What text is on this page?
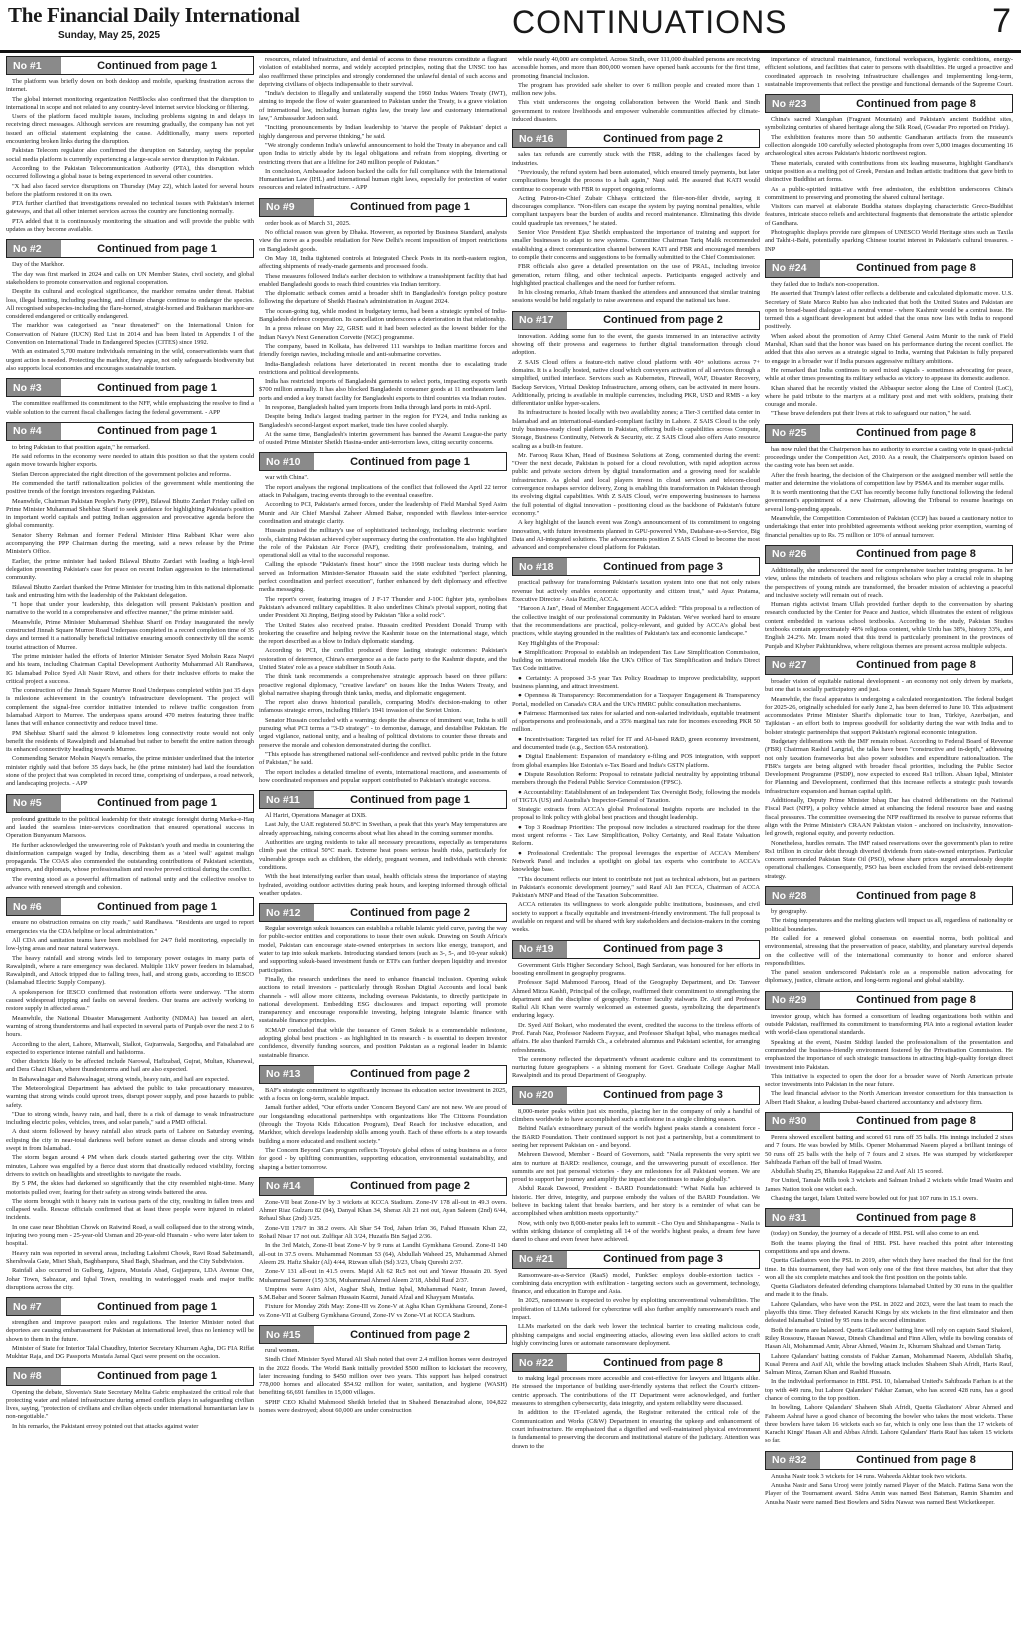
The Financial Daily International
Sunday, May 25, 2025	CONTINUATIONS	7
No #1	Continued from page 1

The platform was briefly down on both desktop and mobile, sparking frustration across the internet.

The global internet monitoring organization NetBlocks also confirmed that the disruption to international in scope and not related to any country-level internet service blocking or filtering.

Users of the platform faced multiple issues, including problems signing in and delays in receiving direct messages. Although services are resuming gradually, the company has not yet issued an official statement explaining the cause. Additionally, many users reported encountering broken links during the disruption.

Pakistan Telecom regulator also confirmed the disruption on Saturday, saying the popular social media platform is currently experiencing a large-scale service disruption in Pakistan.

According to the Pakistan Telecommunication Authority (PTA), this disruption which occurred following a global issue is being experienced in several other countries.

"X had also faced service disruptions on Thursday (May 22), which lasted for several hours before the platform restored it on its own.

PTA further clarified that investigations revealed no technical issues with Pakistan's internet gateways, and that all other internet services across the country are functioning normally.

PTA added that it is continuously monitoring the situation and will provide the public with updates as they become available.

No #2	Continued from page 1

Day of the Markhor.

The day was first marked in 2024 and calls on UN Member States, civil society, and global stakeholders to promote conservation and regional cooperation.

Despite its cultural and ecological significance, the markhor remains under threat. Habitat loss, illegal hunting, including poaching, and climate change continue to endanger the species. All recognised subspecies-including the flare-horned, straight-horned and Bukharan markhor-are considered endangered or critically endangered.

The markhor was categorised as "near threatened" on the International Union for Conservation of Nature (IUCN) Red List in 2014 and has been listed in Appendix I of the Convention on International Trade in Endangered Species (CITES) since 1992.

With an estimated 5,700 mature individuals remaining in the wild, conservationists warn that urgent action is needed. Protecting the markhor, they argue, not only safeguards biodiversity but also supports local economies and encourages sustainable tourism.

No #3	Continued from page 1

The committee reaffirmed its commitment to the NFF, while emphasizing the resolve to find a viable solution to the current fiscal challenges facing the federal government. - APP

No #4	Continued from page 1

to bring Pakistan to that position again," he remarked.

He said reforms in the economy were needed to attain this position so that the system could again move towards higher exports.

Stefan Dercon appreciated the right direction of the government policies and reforms.

He commended the tariff rationalization policies of the government while mentioning the positive trends of the foreign investors regarding Pakistan.

Meanwhile, Chairman Pakistan People's Party (PPP), Bilawal Bhutto Zardari Friday called on Prime Minister Muhammad Shehbaz Sharif to seek guidance for highlighting Pakistan's position in important world capitals and putting Indian aggression and provocative agenda before the global community.

Senator Sherry Rehman and former Federal Minister Hina Rabbani Khar were also accompanying the PPP Chairman during the meeting, said a news release by the Prime Minister's Office.

Earlier, the prime minister had tasked Bilawal Bhutto Zardari with leading a high-level delegation presenting Pakistan's case for peace on recent Indian aggression to the international community.

Bilawal Bhutto Zardari thanked the Prime Minister for trusting him in this national diplomatic task and entrusting him with the leadership of the Pakistani delegation.

"I hope that under your leadership, this delegation will present Pakistan's position and narrative to the world in a comprehensive and effective manner," the prime minister said.

Meanwhile, Prime Minister Muhammad Shehbaz Sharif on Friday inaugurated the newly constructed Jinnah Square Murree Road Underpass completed in a record completion time of 35 days and termed it a nationally beneficial initiative ensuring smooth connectivity till the scenic tourist attraction of Murree.

The prime minister hailed the efforts of Interior Minister Senator Syed Mohsin Raza Naqvi and his team, including Chairman Capital Development Authority Muhammad Ali Randhawa, IG Islamabad Police Syed Ali Nasir Rizvi, and others for their inclusive efforts to make the critical project a success.

The construction of the Jinnah Square Murree Road Underpass completed within just 35 days is milestone achievement in the country's infrastructure development. The project will complement the signal-free corridor initiative intended to relieve traffic congestion from Islamabad Airport to Murree. The underpass spans around 470 metres featuring three traffic lanes that will enhance connectivity and reduce travel time.

PM Shehbaz Sharif said the almost 9 kilometres long connectivity route would not only benefit the residents of Rawalpindi and Islamabad but rather to benefit the entire nation through its enhanced connectivity heading towards Murree.

Commending Senator Mohsin Naqvi's remarks, the prime minister underlined that the interior minister rightly said that before 35 days back, he (the prime minister) had laid the foundation stone of the project that was completed in record time, comprising of underpass, a road network, and landscaping projects. - APP

No #5	Continued from page 1

profound gratitude to the political leadership for their strategic foresight during Marka-e-Haq and lauded the seamless inter-services coordination that ensured operational success in Operation Bunyanum Marsoos.

He further acknowledged the unwavering role of Pakistan's youth and media in countering the disinformation campaign waged by India, describing them as a 'steel wall' against malign propaganda. The COAS also commended the outstanding contributions of Pakistani scientists, engineers, and diplomats, whose professionalism and resolve proved critical during the conflict.

The evening stood as a powerful affirmation of national unity and the collective resolve to advance with renewed strength and cohesion.

No #6	Continued from page 1

ensure no obstruction remains on city roads," said Randhawa. "Residents are urged to report emergencies via the CDA helpline or local administration."

All CDA and sanitation teams have been mobilised for 24/7 field monitoring, especially in low-lying areas and near natural waterways.

The heavy rainfall and strong winds led to temporary power outages in many parts of Rawalpindi, where a rare emergency was declared. Multiple 11kV power feeders in Islamabad, Rawalpindi, and Attock tripped due to falling trees, hail, and strong gusts, according to IESCO (Islamabad Electric Supply Company).

A spokesperson for IESCO confirmed that restoration efforts were underway. "The storm caused widespread tripping and faults on several feeders. Our teams are actively working to restore supply in affected areas."

Meanwhile, the National Disaster Management Authority (NDMA) has issued an alert, warning of strong thunderstorms and hail expected in several parts of Punjab over the next 2 to 6 hours.

According to the alert, Lahore, Mianwali, Sialkot, Gujranwala, Sargodha, and Faisalabad are expected to experience intense rainfall and hailstorms.

Other districts likely to be affected include Narowal, Hafizabad, Gujrat, Multan, Khanewal, and Dera Ghazi Khan, where thunderstorms and hail are also expected.

In Bahawalnagar and Bahawalnagar, strong winds, heavy rain, and hail are expected.

The Meteorological Department has advised the public to take precautionary measures, warning that strong winds could uproot trees, disrupt power supply, and pose hazards to public safety.

"Due to strong winds, heavy rain, and hail, there is a risk of damage to weak infrastructure including electric poles, vehicles, trees, and solar panels," said a PMD official.

A dust storm followed by heavy rainfall also struck parts of Lahore on Saturday evening, eclipsing the city in near-total darkness well before sunset as dense clouds and strong winds swept in from Islamabad.

The storm began around 4 PM when dark clouds started gathering over the city. Within minutes, Lahore was engulfed by a fierce dust storm that drastically reduced visibility, forcing drivers to switch on headlights and streetlights to navigate the roads.

By 5 PM, the skies had darkened so significantly that the city resembled night-time. Many motorists pulled over, fearing for their safety as strong winds battered the area.

The storm brought with it heavy rain in various parts of the city, resulting in fallen trees and collapsed walls. Rescue officials confirmed that at least three people were injured in related incidents.

In one case near Bhobtian Chowk on Raiwind Road, a wall collapsed due to the strong winds, injuring two young men - 25-year-old Usman and 20-year-old Husnain - who were later taken to hospital.

Heavy rain was reported in several areas, including Lakshmi Chowk, Ravi Road Sabzimandi, Shershwala Gate, Misri Shah, Baghbanpura, Shad Bagh, Shadman, and the City Subdivision.

Rainfall also occurred in Gulberg, Jajpura, Mustafa Abad, Gujjarpura, LDA Avenue One, Johar Town, Sabzazar, and Iqbal Town, resulting in waterlogged roads and major traffic disruptions across the city.

No #7	Continued from page 1

strengthen and improve passport rules and regulations. The Interior Minister noted that deportees are causing embarrassment for Pakistan at international level, thus no leniency will be shown to them in the future.

Minister of State for Interior Talal Chaudhry, Interior Secretary Khurram Agha, DG FIA Riffat Mukhtar Raja, and DG Passports Mustafa Jamal Qazi were present on the occasion.

No #8	Continued from page 1

Opening the debate, Slovenia's State Secretary Melita Gabric emphasized the critical role that protecting water and related infrastructure during armed conflicts plays in safeguarding civilian lives, saying, "protection of civilians and civilian objects under international humanitarian law is non-negotiable."

In his remarks, the Pakistani envoy pointed out that attacks against water

resources, related infrastructure, and denial of access to these resources constitute a flagrant violation of established norms, and widely accepted principles, noting that the UNSC too has also reaffirmed these principles and strongly condemned the unlawful denial of such access and depriving civilians of objects indispensable to their survival.

"India's decision to illegally and unilaterally suspend the 1960 Indus Waters Treaty (IWT), aiming to impede the flow of water guaranteed to Pakistan under the Treaty, is a grave violation of international law, including human rights law, the treaty law and customary international law," Ambassador Jadoon said.

"Inciting pronouncements by Indian leadership to 'starve the people of Pakistan' depict a highly dangerous and perverse thinking," he said.

"We strongly condemn India's unlawful announcement to hold the Treaty in abeyance and call upon India to strictly abide by its legal obligations and refrain from stopping, diverting or restricting rivers that are a lifeline for 240 million people of Pakistan."

In conclusion, Ambassador Jadoon backed the calls for full compliance with the International Humanitarian Law (IHL) and international human right laws, especially for protection of water resources and related infrastructure. - APP

No #9	Continued from page 1

order book as of March 31, 2025.

No official reason was given by Dhaka. However, as reported by Business Standard, analysts view the move as a possible retaliation for New Delhi's recent imposition of import restrictions on Bangladeshi goods.

On May 18, India tightened controls at Integrated Check Posts in its north-eastern region, affecting shipments of ready-made garments and processed foods.

These measures followed India's earlier decision to withdraw a transshipment facility that had enabled Bangladeshi goods to reach third countries via Indian territory.

The diplomatic setback comes amid a broader shift in Bangladesh's foreign policy posture following the departure of Sheikh Hasina's administration in August 2024.

The ocean-going tug, while modest in budgetary terms, had been a strategic symbol of India-Bangladesh defence cooperation. Its cancellation underscores a deterioration in that relationship.

In a press release on May 22, GRSE said it had been selected as the lowest bidder for the Indian Navy's Next Generation Corvette (NGC) programme.

The company, based in Kolkata, has delivered 111 warships to Indian maritime forces and friendly foreign navies, including missile and anti-submarine corvettes.

India-Bangladesh relations have deteriorated in recent months due to escalating trade restrictions and political developments.

India has restricted imports of Bangladeshi garments to select ports, impacting exports worth $700 million annually. It has also blocked Bangladeshi consumer goods at 11 northeastern land ports and ended a key transit facility for Bangladeshi exports to third countries via Indian routes.

In response, Bangladesh halted yarn imports from India through land ports in mid-April.

Despite being India's largest trading partner in the region for FY24, and India ranking as Bangladesh's second-largest export market, trade ties have cooled sharply.

At the same time, Bangladesh's interim government has banned the Awami League-the party of ousted Prime Minister Sheikh Hasina-under anti-terrorism laws, citing security concerns.

No #10	Continued from page 1

war with China".

The report analyses the regional implications of the conflict that followed the April 22 terror attack in Pahalgam, tracing events through to the eventual ceasefire.

According to PCI, Pakistan's armed forces, under the leadership of Field Marshal Syed Asim Munir and Air Chief Marshal Zaheer Ahmed Babar, responded with flawless inter-service coordination and strategic clarity.

Hussain praised the military's use of sophisticated technology, including electronic warfare tools, claiming Pakistan achieved cyber supremacy during the confrontation. He also highlighted the role of the Pakistan Air Force (PAF), crediting their professionalism, training, and operational skill as vital to the successful response.

Calling the episode "Pakistan's finest hour" since the 1998 nuclear tests during which he served as Information Minister-Senator Hussain said the state exhibited "perfect planning, perfect coordination and perfect execution", further enhanced by deft diplomacy and effective media messaging.

The report's cover, featuring images of J F-17 Thunder and J-10C fighter jets, symbolises Pakistan's advanced military capabilities. It also underlines China's pivotal support, noting that under President Xi Jinping, Beijing stood by Pakistan "like a solid rock".

The United States also received praise. Hussain credited President Donald Trump with brokering the ceasefire and helping revive the Kashmir issue on the international stage, which the report described as a blow to India's diplomatic standing.

According to PCI, the conflict produced three lasting strategic outcomes: Pakistan's restoration of deterrence, China's emergence as a de facto party to the Kashmir dispute, and the United States' role as a peace stabiliser in South Asia.

The think tank recommends a comprehensive strategic approach based on three pillars: proactive regional diplomacy, "creative lawfare" on issues like the Indus Waters Treaty, and global narrative shaping through think tanks, media, and diplomatic engagement.

The report also draws historical parallels, comparing Modi's decision-making to other infamous strategic errors, including Hitler's 1941 invasion of the Soviet Union.

Senator Hussain concluded with a warning: despite the absence of imminent war, India is still pursuing what PCI terms a "3-D strategy" - to demonise, damage, and destabilise Pakistan. He urged vigilance, national unity, and a healing of political divisions to counter these threats and preserve the morale and cohesion demonstrated during the conflict.

"This episode has strengthened national self-confidence and revived public pride in the future of Pakistan," he said.

The report includes a detailed timeline of events, international reactions, and assessments of how coordinated responses and popular support contributed to Pakistan's strategic success.

No #11	Continued from page 1

Al Hariri, Operations Manager at DXB.

Last July, the UAE registered 50.8°C in Sweihan, a peak that this year's May temperatures are already approaching, raising concerns about what lies ahead in the coming summer months.

Authorities are urging residents to take all necessary precautions, especially as temperatures climb past the critical 50°C mark. Extreme heat poses serious health risks, particularly for vulnerable groups such as children, the elderly, pregnant women, and individuals with chronic conditions.

With the heat intensifying earlier than usual, health officials stress the importance of staying hydrated, avoiding outdoor activities during peak hours, and keeping informed through official weather updates.

No #12	Continued from page 2

Regular sovereign sukuk issuances can establish a reliable Islamic yield curve, paving the way for public-sector entities and corporations to issue their own sukuk. Drawing on South Africa's model, Pakistan can encourage state-owned enterprises in sectors like energy, transport, and water to tap into sukuk markets. Introducing standard tenors (such as 3-, 5-, and 10-year sukuk) and supporting sukuk-based investment funds or ETFs can further deepen liquidity and investor participation.

Finally, the research underlines the need to enhance financial inclusion. Opening sukuk auctions to retail investors - particularly through Roshan Digital Accounts and local bank channels - will allow more citizens, including overseas Pakistanis, to directly participate in national development. Embedding ESG disclosures and impact reporting will promote transparency and encourage responsible investing, helping integrate Islamic finance with sustainable finance principles.

ICMAP concluded that while the issuance of Green Sukuk is a commendable milestone, adopting global best practices - as highlighted in its research - is essential to deepen investor confidence, diversify funding sources, and position Pakistan as a regional leader in Islamic sustainable finance.

No #13	Continued from page 2

BAF's strategic commitment to significantly increase its education sector investment in 2025, with a focus on long-term, scalable impact.

Jamali further added, "Our efforts under 'Concern Beyond Cars' are not new. We are proud of our longstanding educational partnerships with organizations like The Citizens Foundation (through the Toyota Kids Education Program), Deaf Reach for inclusive education, and Markhor, which develops leadership skills among youth. Each of these efforts is a step towards building a more educated and resilient society."

The Concern Beyond Cars program reflects Toyota's global ethos of using business as a force for good - by uplifting communities, supporting education, environmental sustainability, and shaping a better tomorrow.

No #14	Continued from page 2

Zone-VII beat Zone-IV by 3 wickets at KCCA Stadium. Zone-IV 178 all-out in 49.3 overs. Ahmer Riaz Gulzaru 82 (84), Danyal Khan 34, Sheraz Ali 21 not out, Ayan Saleem (2nd) 6/44, Rehaul Shaz (2nd) 3/25.

Zone-VII 179/7 in 38.2 overs. Ali Shar 54 Tod, Jahan Irfan 36, Fahad Hussain Khan 22, Rohail Nisar 17 not out. Zulfiqar Ali 3/24, Huzaifa Bin Sajjad 2/36.

In the 3rd Match, Zone-II beat Zone-V by 9 runs at Landhi Gymkhana Ground. Zone-II 140 all-out in 37.5 overs. Muhammad Nomman 53 (64), Abdullah Waheed 25, Muhammad Ahmed Aleem 29. Hafiz Shakir (Al) 4/44, Rizwan ullah (Sd) 3/23, Ubaiq Qureshi 2/37.

Zone-V 131 all-out in 41.5 overs. Majid Ali 62 Rc5 not out and Yawar Hussain 20. Syed Muhammad Sameer (15) 3/36, Muhammad Ahmed Aleem 2/18, Abdul Rauf 2/37.

Umpires were Asim Alvi, Asghar Shah, Imtiaz Iqbal, Muhammad Nasir, Imran Jawed, S.M.Babar and Soorer Salman Hussain Kazmi, Junaid Afzal and Khayyam Mustafa.

Fixture for Monday 26th May: Zone-III vs Zone-V at Agha Khan Gymkhana Ground, Zone-I vs Zone-VII at Gulberg Gymkhana Ground, Zone-IV vs Zone-VI at KCCA Stadium.

No #15	Continued from page 2

rural women.

Sindh Chief Minister Syed Murad Ali Shah noted that over 2.4 million homes were destroyed in the 2022 floods. The World Bank initially provided $500 million to kickstart the recovery, later increasing funding to $450 million over two years. This support has helped construct 778,000 homes and allocated $54.92 million for water, sanitation, and hygiene (WASH) benefiting 66,691 families in 15,000 villages.

SPHF CEO Khalid Mahmood Sheikh briefed that in Shaheed Benazirabad alone, 104,822 homes were destroyed; about 60,000 are under construction

while nearly 40,000 are completed. Across Sindh, over 111,000 disabled persons are receiving accessible homes, and more than 800,000 women have opened bank accounts for the first time, promoting financial inclusion.

The program has provided safe shelter to over 6 million people and created more than 1 million new jobs.

This visit underscores the ongoing collaboration between the World Bank and Sindh government to restore livelihoods and empower vulnerable communities affected by climate-induced disasters.

No #16	Continued from page 2

sales tax refunds are currently stuck with the FBR, adding to the challenges faced by industries.

"Previously, the refund system had been automated, which ensured timely payments, but later complications brought the process to a halt again," Naqi said. He assured that KATI would continue to cooperate with FBR to support ongoing reforms.

Acting Patron-in-Chief Zubair Chhaya criticized the filer-non-filer divide, saying it discourages compliance. "Non-filers can escape the system by paying nominal penalties, while compliant taxpayers bear the burden of audits and record maintenance. Eliminating this divide could quadruple tax revenues," he stated.

Senior Vice President Ejaz Sheikh emphasized the importance of training and support for smaller businesses to adapt to new systems. Committee Chairman Tariq Malik recommended establishing a direct communication channel between KATI and FBR and encouraged members to compile their concerns and suggestions to be formally submitted to the Chief Commissioner.

FBR officials also gave a detailed presentation on the use of PRAL, including invoice generation, return filing, and other technical aspects. Participants engaged actively and highlighted practical challenges and the need for further reform.

In his closing remarks, Aftab Imam thanked the attendees and announced that similar training sessions would be held regularly to raise awareness and expand the national tax base.

No #17	Continued from page 2

innovation. Adding some fun to the event, the guests immersed in an interactive activity showing off their prowess and eagerness to further digital transformation through cloud adoption.

Z SAIS Cloud offers a feature-rich native cloud platform with 40+ solutions across 7+ domains. It is a locally hosted, native cloud which conveyers activation of all services through a simplified, unified interface. Services such as Kubernetes, Firewall, WAF, Disaster Recovery, Backup Services, Virtual Desktop Infrastructure, among others, can be activated in mere hours. Additionally, pricing is available in multiple currencies, including PKR, USD and RMB - a key differentiator unlike hyper-scalers.

Its infrastructure is hosted locally with two availability zones; a Tier-3 certified data center in Islamabad and an international-standard-compliant facility in Lahore. Z SAIS Cloud is the only truly business-ready cloud platform in Pakistan, offering built-in capabilities across Compute, Storage, Business Continuity, Network & Security, etc. Z SAIS Cloud also offers Auto resource scaling as a built-in feature.

Mr. Farooq Raza Khan, Head of Business Solutions at Zong, commented during the event: "Over the next decade, Pakistan is poised for a cloud revolution, with rapid adoption across public and private sectors driven by digital transformation and a growing need for scalable infrastructure. As global and local players invest in cloud services and telecom-cloud convergence reshapes service delivery, Zong is enabling this transformation in Pakistan through its evolving digital capabilities. With Z SAIS Cloud, we're empowering businesses to harness the full potential of digital innovation - positioning cloud as the backbone of Pakistan's future economy."

A key highlight of the launch event was Zong's announcement of its commitment to ongoing innovation, with future investments planned in GPU-powered VMs, Database-as-a-Service, Big Data and AI-integrated solutions. The advancements position Z SAIS Cloud to become the most advanced and comprehensive cloud platform for Pakistan.

No #18	Continued from page 3

practical pathway for transforming Pakistan's taxation system into one that not only raises revenue but actively enables economic opportunity and citizen trust," said Ayaz Pratama, Executive Director - Asia Pacific, ACCA.

"Haroon A Jan", Head of Member Engagement ACCA added: "This proposal is a reflection of the collective insight of our professional community in Pakistan. We've worked hard to ensure that the recommendations are practical, policy-relevant, and guided by ACCA's global best practices, while staying grounded in the realities of Pakistan's tax and economic landscape."

Key Highlights of the Proposal:

● Simplification: Proposal to establish an independent Tax Law Simplification Commission, building on international models like the UK's Office of Tax Simplification and India's Direct Tax Code initiative.

● Certainty: A proposed 3-5 year Tax Policy Roadmap to improve predictability, support business planning, and attract investment.

● Openness & Transparency: Recommendation for a Taxpayer Engagement & Transparency Portal, modelled on Canada's CRA and the UK's HMRC public consultation mechanisms.

● Fairness: Harmonised tax rates for salaried and non-salaried individuals, equitable treatment of sportspersons and professionals, and a 35% marginal tax rate for incomes exceeding PKR 50 million.

● Incentivisation: Targeted tax relief for IT and AI-based R&D, green economy investment, and documented trade (e.g., Section 65A restoration).

● Digital Enablement: Expansion of mandatory e-filing and POS integration, with support from global examples like Estonia's e-Tax Board and India's GSTN platform.

● Dispute Resolution Reform: Proposal to reinstate judicial neutrality by appointing tribunal members through the Federal Public Service Commission (FPSC).

● Accountability: Establishment of an Independent Tax Oversight Body, following the models of TIGTA (US) and Australia's Inspector-General of Taxation.

Strategic extracts from ACCA's global Professional Insights reports are included in the proposal to link policy with global best practices and thought leadership.

● Top 3 Roadmap Priorities: The proposal now includes a structured roadmap for the three most urgent reforms - Tax Law Simplification, Policy Certainty, and Real Estate Valuation Reform.

● Professional Credentials: The proposal leverages the expertise of ACCA's Members' Network Panel and includes a spotlight on global tax experts who contribute to ACCA's knowledge base.

"This document reflects our intent to contribute not just as technical advisors, but as partners in Pakistan's economic development journey," said Rauf Ali Jan FCCA, Chairman of ACCA Pakistan's MNP and Head of the Taxation Subcommittee.

ACCA reiterates its willingness to work alongside public institutions, businesses, and civil society to support a fiscally equitable and investment-friendly environment. The full proposal is available on request and will be shared with key stakeholders and decision-makers in the coming weeks.

No #19	Continued from page 3

Government Girls Higher Secondary School, Bagh Sardaran, was honoured for her efforts in boosting enrollment in geography programs.

Professor Sajid Mahmood Farooq, Head of the Geography Department, and Dr. Tanveer Ahmed Mirza Kashfi, Principal of the college, reaffirmed their commitment to strengthening the department and the discipline of geography. Former faculty stalwarts Dr. Arif and Professor Rafiul Ali Khan were warmly welcomed as esteemed guests, symbolizing the department's enduring legacy.

Dr. Syed Atif Bokari, who moderated the event, credited the success to the tireless efforts of Prof. Farah Naz, Professor Nadeem Fayyaz, and Professor Shafqat Iqbal, who manages medical affairs. He also thanked Farrukh Ch., a celebrated alumnus and Pakistani scientist, for arranging refreshments.

The ceremony reflected the department's vibrant academic culture and its commitment to nurturing future geographers - a shining moment for Govt. Graduate College Asghar Mall Rawalpindi and its proud Department of Geography.

No #20	Continued from page 3

8,000-meter peaks within just six months, placing her in the company of only a handful of climbers worldwide to have accomplished such a milestone in a single climbing season.

Behind Naila's extraordinary pursuit of the world's highest peaks stands a consistent force - the BARD Foundation. Their continued support is not just a partnership, but a commitment to seeing her represent Pakistan on - and beyond.

Mehreen Dawood, Member - Board of Governors, said: "Naila represents the very spirit we aim to nurture at BARD: resilience, courage, and the unwavering pursuit of excellence. Her summits are not just personal victories - they are milestones for all Pakistani women. We are proud to support her journey and amplify the impact she continues to make globally."

Abdul Razak Dawood, President - BARD Foundationsaid: "What Naila has achieved is historic. Her drive, integrity, and purpose embody the values of the BARD Foundation. We believe in backing talent that breaks barriers, and her story is a reminder of what can be accomplished when ambition meets opportunity."

Now, with only two 8,000-meter peaks left to summit - Cho Oyu and Shishapangma - Naila is within striking distance of completing all 14 of the world's highest peaks, a dream few have dared to chase and even fewer have achieved.

No #21	Continued from page 3

Ransomware-as-a-Service (RaaS) model, FunkSec employs double-extortion tactics - combining data encryption with exfiltration - targeting sectors such as government, technology, finance, and education in Europe and Asia.

In 2025, ransomware is expected to evolve by exploiting unconventional vulnerabilities. The proliferation of LLMs tailored for cybercrime will also further amplify ransomware's reach and impact.

LLMs marketed on the dark web lower the technical barrier to creating malicious code, phishing campaigns and social engineering attacks, allowing even less skilled actors to craft highly convincing lures or automate ransomware deployment.

No #22	Continued from page 8

to making legal processes more accessible and cost-effective for lawyers and litigants alike. He stressed the importance of building user-friendly systems that reflect the Court's citizen-centric approach. The contributions of the IT Department were acknowledged, and further measures to strengthen cybersecurity, data integrity, and system reliability were discussed.

In addition to the IT-related agenda, the Registrar reiterated the critical role of the Communication and Works (C&W) Department in ensuring the upkeep and enhancement of court infrastructure. He emphasized that a dignified and well-maintained physical environment is fundamental to preserving the decorum and institutional stature of the judiciary. Attention was drawn to the

importance of structural maintenance, functional workspaces, hygienic conditions, energy-efficient solutions, and facilities that cater to persons with disabilities. He urged a proactive and coordinated approach in resolving infrastructure challenges and implementing long-term, sustainable improvements that reflect the prestige and functional demands of the Supreme Court.

No #23	Continued from page 8

China's sacred Xiangshan (Fragrant Mountain) and Pakistan's ancient Buddhist sites, symbolizing centuries of shared heritage along the Silk Road, (Gwadar Pro reported on Friday).

The exhibition features more than 50 authentic Gandharan artifacts from the museum's collection alongside 100 carefully selected photographs from over 5,000 images documenting 16 archaeological sites across Pakistan's historic northwest region.

These materials, curated with contributions from six leading museums, highlight Gandhara's unique position as a melting pot of Greek, Persian and Indian artistic traditions that gave birth to distinctive Buddhist art forms.

As a public-spirited initiative with free admission, the exhibition underscores China's commitment to preserving and promoting the shared cultural heritage.

Visitors can marvel at elaborate Buddha statues displaying characteristic Greco-Buddhist features, intricate stucco reliefs and architectural fragments that demonstrate the artistic splendor of Gandhara.

Photographic displays provide rare glimpses of UNESCO World Heritage sites such as Taxila and Takht-i-Bahi, potentially sparking Chinese tourist interest in Pakistan's cultural treasures. - INP

No #24	Continued from page 8

they failed due to India's non-cooperation.

He asserted that Trump's latest offer reflects a deliberate and calculated diplomatic move. U.S. Secretary of State Marco Rubio has also indicated that both the United States and Pakistan are open to broad-based dialogue - at a neutral venue - where Kashmir would be a central issue. He termed this a significant development but added that the onus now lies with India to respond positively.

When asked about the promotion of Army Chief General Asim Munir to the rank of Field Marshal, Khan said that the honor was based on his performance during the recent conflict. He added that this also serves as a strategic signal to India, warning that Pakistan is fully prepared to engage in a broader war if India pursues aggressive military ambitions.

He remarked that India continues to seed mixed signals - sometimes advocating for peace, while at other times presenting its military setbacks as victory to appease its domestic audience.

Khan shared that he recently visited the Abbaspur sector along the Line of Control (LoC), where he paid tribute to the martyrs at a military post and met with soldiers, praising their courage and morale.

"These brave defenders put their lives at risk to safeguard our nation," he said.

No #25	Continued from page 8

has now ruled that the Chairperson has no authority to exercise a casting vote in quasi-judicial proceedings under the Competition Act, 2010. As a result, the Chairperson's opinion based on the casting vote has been set aside.

After the fresh hearing, the decision of the Chairperson or the assigned member will settle the matter and determine the violations of competition law by PSMA and its member sugar mills.

It is worth mentioning that the CAT has recently become fully functional following the federal government's appointment of a new Chairman, allowing the Tribunal to resume hearings on several long-pending appeals.

Meanwhile, the Competition Commission of Pakistan (CCP) has issued a cautionary notice to undertakings that enter into prohibited agreements without seeking prior exemption, warning of financial penalties up to Rs. 75 million or 10% of annual turnover.

No #26	Continued from page 8

Additionally, she underscored the need for comprehensive teacher training programs. In her view, unless the mindsets of teachers and religious scholars who play a crucial role in shaping the perspectives of young minds are transformed, the broader mission of achieving a peaceful and inclusive society will remain out of reach.

Human rights activist Imam Ullah provided further depth to the conversation by sharing research conducted by the Center for Peace and Justice, which illustrates the extent of religious content embedded in various school textbooks. According to the study, Pakistan Studies textbooks contain approximately 48% religious content, while Urdu has 38%, history 33%, and English 24.2%. Mr. Imam noted that this trend is particularly prominent in the provinces of Punjab and Khyber Pakhtunkhwa, where religious themes are present across multiple subjects.

No #27	Continued from page 8

broader vision of equitable national development - an economy not only driven by markets, but one that is socially participatory and just.

Meanwhile, the fiscal apparatus is undergoing a calculated reorganization. The federal budget for 2025-26, originally scheduled for early June 2, has been deferred to June 10. This adjustment accommodates Prime Minister Sharif's diplomatic tour to Iran, Türkiye, Azerbaijan, and Tajikistan - an effort both to impress goodwill for solidarity during the war with India and to bolster strategic partnerships that support Pakistan's regional economic integration.

Budgetary deliberations with the IMF remain robust. According to Federal Board of Revenue (FBR) Chairman Rashid Langrial, the talks have been "constructive and in-depth," addressing not only taxation frameworks but also power subsidies and expenditure rationalization. The FBR's targets are being aligned with broader fiscal priorities, including the Public Sector Development Programme (PSDP), now expected to exceed Rs1 trillion. Ahsan Iqbal, Minister for Planning and Development, confirmed that this increase reflects a strategic push towards infrastructure expansion and human capital uplift.

Additionally, Deputy Prime Minister Ishaq Dar has chaired deliberations on the National Fiscal Pact (NFP), a policy vehicle aimed at enhancing the federal resource base and easing fiscal pressures. The committee overseeing the NFP reaffirmed its resolve to pursue reforms that align with the Prime Minister's CRAAN Pakistan vision - anchored on inclusivity, innovation-led growth, regional equity, and poverty reduction.

Nonetheless, hurdles remain. The IMF raised reservations over the government's plan to retire Rs1 trillion in circular debt through diverted dividends from state-owned enterprises. Particular concern surrounded Pakistan State Oil (PSO), whose share prices surged anomalously despite operational challenges. Consequently, PSO has been excluded from the revised debt-retirement strategy.

No #28	Continued from page 8

by geography.

The rising temperatures and the melting glaciers will impact us all, regardless of nationality or political boundaries.

He called for a renewed global consensus on essential norms, both political and environmental, stressing that the preservation of peace, stability, and planetary survival depends on the collective will of the international community to honor and enforce shared responsibilities.

The panel session underscored Pakistan's role as a responsible nation advocating for diplomacy, justice, climate action, and long-term regional and global stability.

No #29	Continued from page 8

investor group, which has formed a consortium of leading organizations both within and outside Pakistan, reaffirmed its commitment to transforming PIA into a regional aviation leader with world-class operational standards.

Speaking at the event, Nasim Siddiqi lauded the professionalism of the presentation and commended the business-friendly environment fostered by the Privatisation Commission. He emphasized the importance of such strategic transactions in attracting high-quality foreign direct investment into Pakistan.

This initiative is expected to open the door for a broader wave of North American private sector investments into Pakistan in the near future.

The lead financial advisor to the North American investor consortium for this transaction is Albert Hadi Shakur, a leading Dubai-based chartered accountancy and advisory firm.

No #30	Continued from page 8

Perera showed excellent batting and scored 61 runs off 35 balls. His innings included 2 sixes and 7 fours. He was bowled by Mills. Opener Mohammad Naeem played a brilliant innings of 50 runs off 25 balls with the help of 7 fours and 2 sixes. He was stumped by wicketkeeper Sahibzada Farhan off the ball of Imad Wasim.

Abdullah Shafiq 25, Bhanuka Rajapaksa 22 and Asif Ali 15 scored.

For United, Tamale Mills took 3 wickets and Salman Irshad 2 wickets while Imad Wasim and James Nation took one wicket each.

Chasing the target, Islam United were bowled out for just 107 runs in 15.1 overs.

No #31	Continued from page 8

(today) on Sunday, the journey of a decade of HBL PSL will also come to an end.

Both the teams playing the final of HBL PSL have reached this point after interesting competitions and ups and downs.

Quetta Gladiators won the PSL in 2019, after which they have reached the final for the first time. In this tournament, they had won only one of the first three matches, but after that they won all the six complete matches and took the first position on the points table.

Quetta Gladiators defeated defending champions Islamabad United by 30 runs in the qualifier and made it to the finals.

Lahore Qalandars, who have won the PSL in 2022 and 2023, were the last team to reach the playoffs this time. They defeated Karachi Kings by six wickets in the first eliminator and then defeated Islamabad United by 95 runs in the second eliminator.

Both the teams are balanced. Quetta Gladiators' batting line will rely on captain Saud Shakeel, Riley Rossouw, Hassan Nawaz, Dinesh Chandimal and Finn Allen, while its bowling consists of Hasan Ali, Mohammad Amir, Abrar Ahmed, Wasim Jr., Khurram Shahzad and Usman Tariq.

Lahore Qalandars' batting consists of Fakhar Zaman, Mohammad Naeem, Abdullah Shafiq, Kusal Perera and Asif Ali, while the bowling attack includes Shaheen Shah Afridi, Haris Rauf, Salman Mirza, Zaman Khan and Rashid Hussain.

In the individual performance in HBL PSL 10, Islamabad United's Sahibzada Farhan is at the top with 449 runs, but Lahore Qalandars' Fakhar Zaman, who has scored 428 runs, has a good chance of coming to the top position.

In bowling, Lahore Qalandars' Shaheen Shah Afridi, Quetta Gladiators' Abrar Ahmed and Faheem Ashraf have a good chance of becoming the bowler who takes the most wickets. These three bowlers have taken 16 wickets each so far, which is only one less than the 17 wickets of Karachi Kings' Hasan Ali and Abbas Afridi. Lahore Qalandars' Haris Rauf has taken 15 wickets so far.

No #32	Continued from page 8

Anusha Nasir took 3 wickets for 14 runs. Waheeda Akhtar took two wickets.

Anusha Nasir and Sana Urooj were jointly named Player of the Match. Fatima Sana won the Player of the Tournament award. Sidra Amin was named Best Batsman, Ramin Shamim and Anusha Nasir were named Best Bowlers and Sidra Nawaz was named Best Wicketkeeper.
